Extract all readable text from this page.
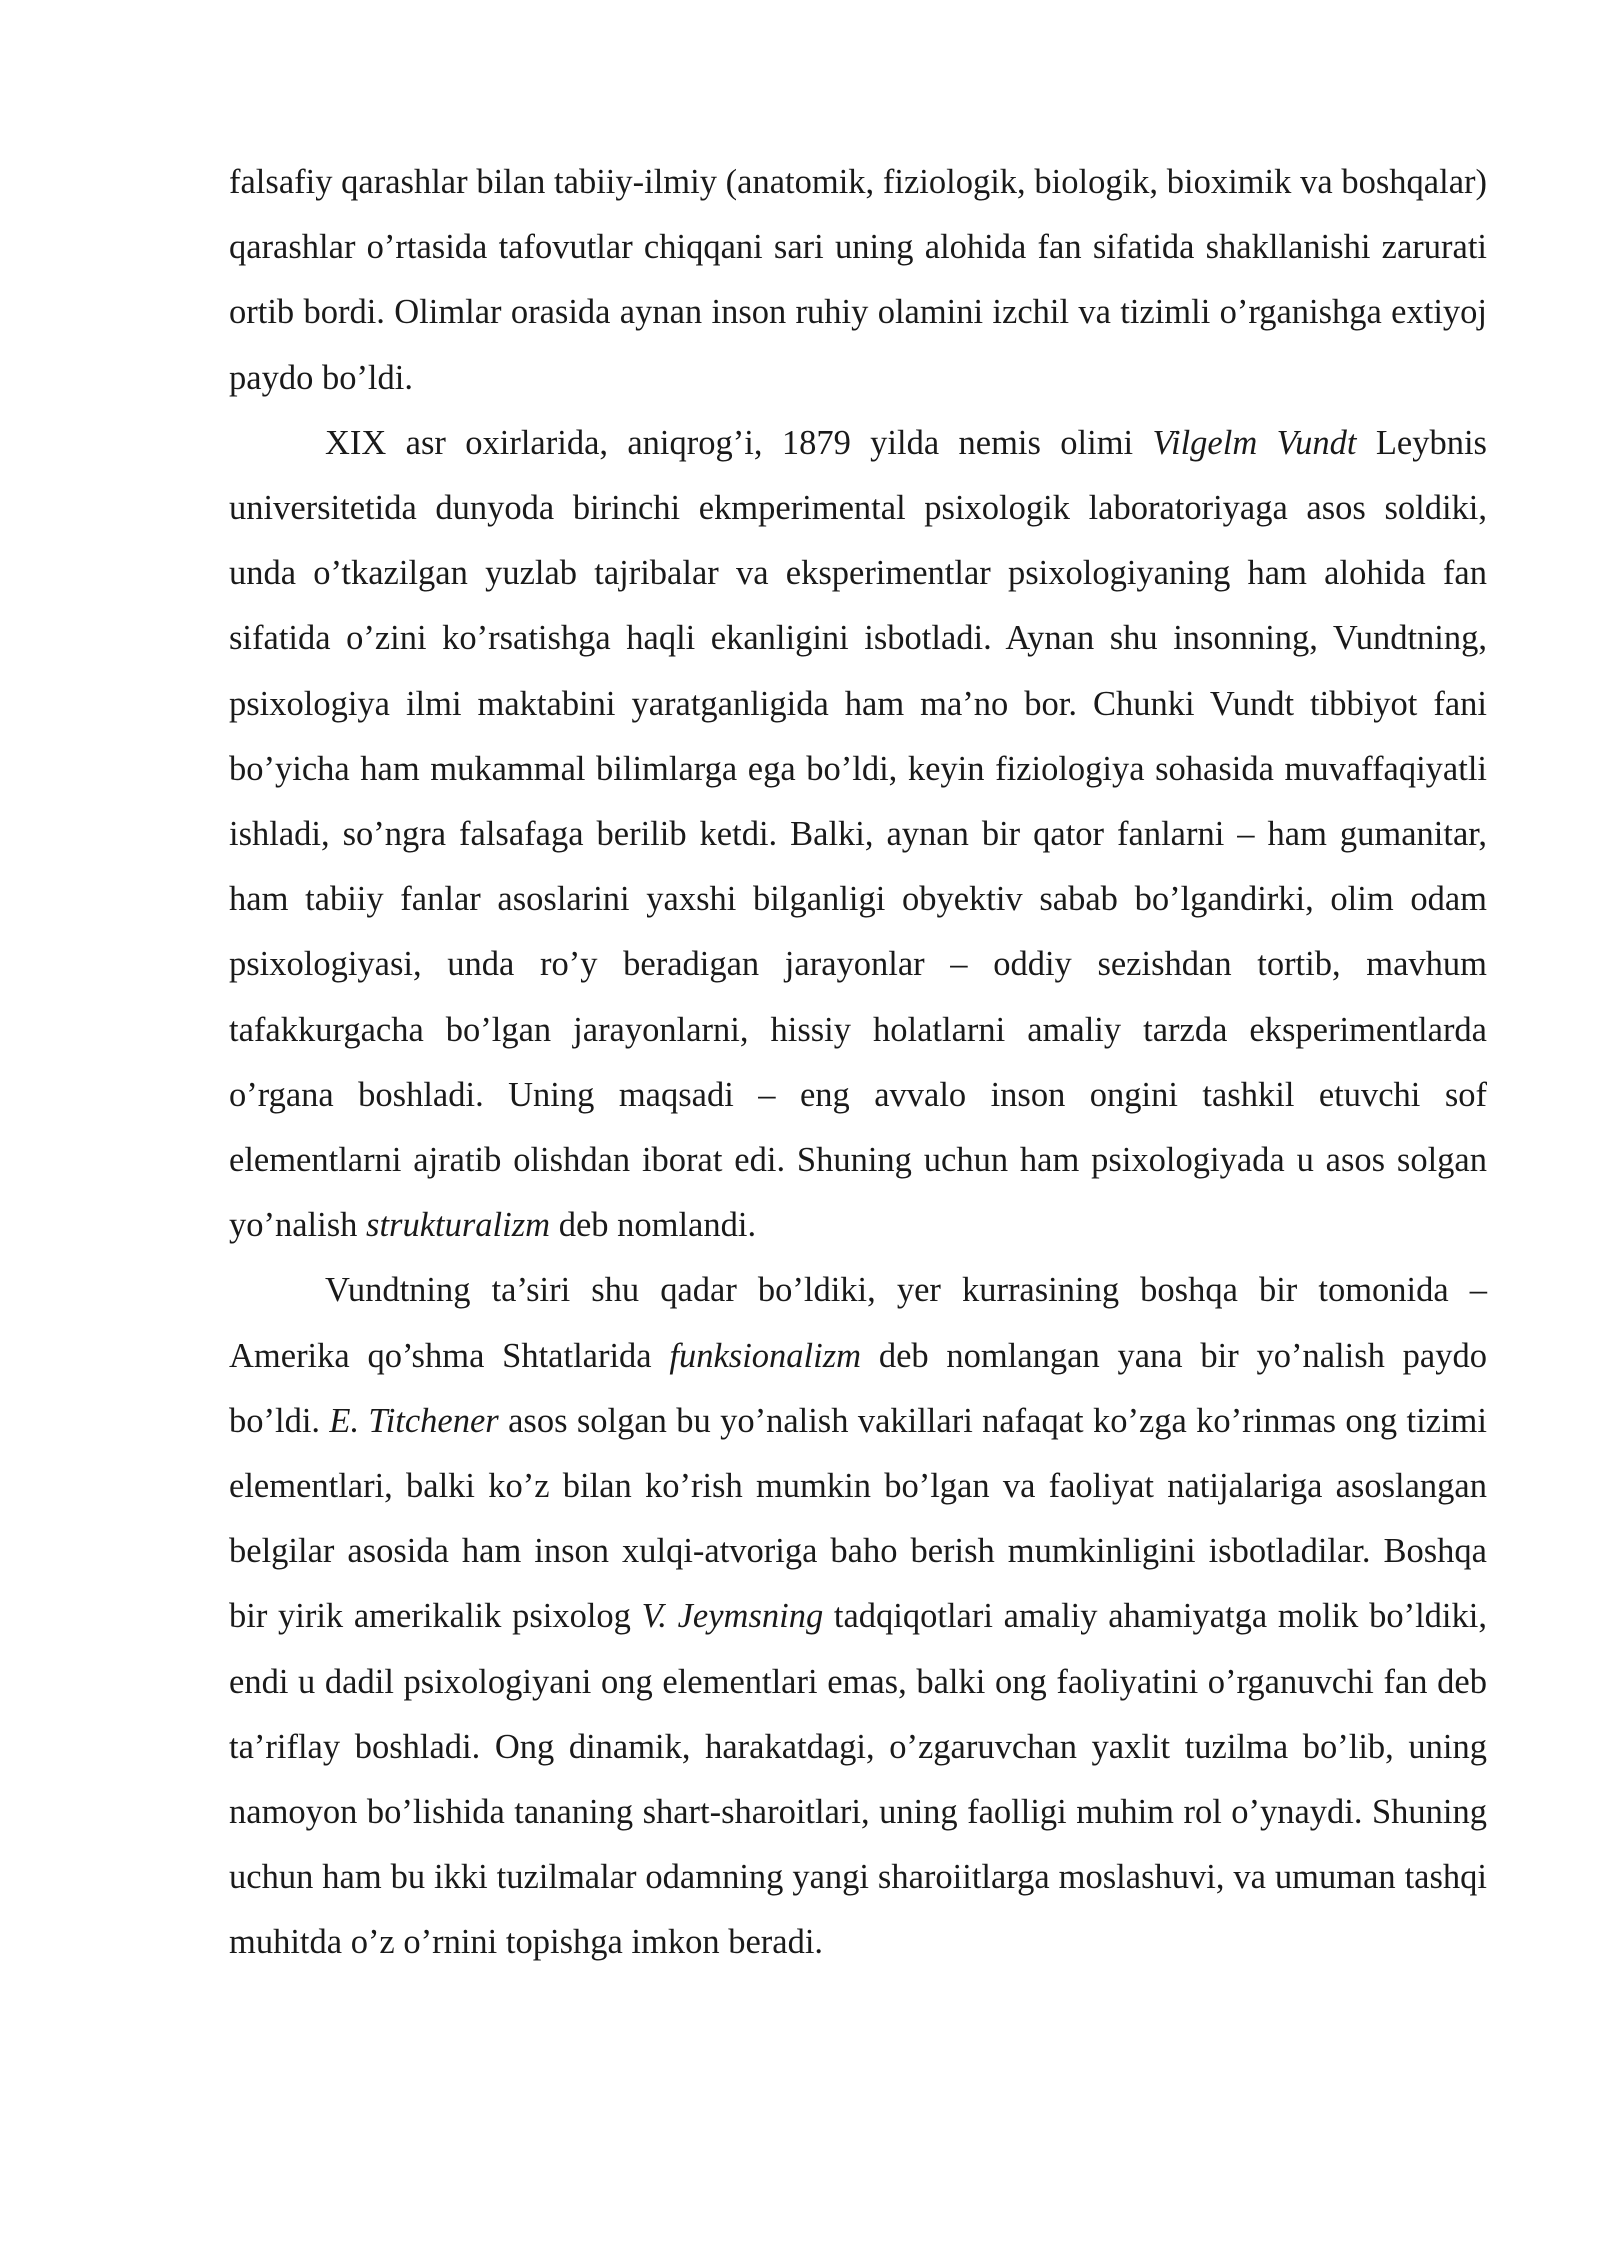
falsafiy qarashlar bilan tabiiy-ilmiy (anatomik, fiziologik, biologik, bioximik va boshqalar) qarashlar o’rtasida tafovutlar chiqqani sari uning alohida fan sifatida shakllanishi zarurati ortib bordi. Olimlar orasida aynan inson ruhiy olamini izchil va tizimli o’rganishga extiyoj paydo bo’ldi.

XIX asr oxirlarida, aniqrog’i, 1879 yilda nemis olimi Vilgelm Vundt Leybnis universitetida dunyoda birinchi ekmperimental psixologik laboratoriyaga asos soldiki, unda o’tkazilgan yuzlab tajribalar va eksperimentlar psixologiyaning ham alohida fan sifatida o’zini ko’rsatishga haqli ekanligini isbotladi. Aynan shu insonning, Vundtning, psixologiya ilmi maktabini yaratganligida ham ma’no bor. Chunki Vundt tibbiyot fani bo’yicha ham mukammal bilimlarga ega bo’ldi, keyin fiziologiya sohasida muvaffaqiyatli ishladi, so’ngra falsafaga berilib ketdi. Balki, aynan bir qator fanlarni – ham gumanitar, ham tabiiy fanlar asoslarini yaxshi bilganligi obyektiv sabab bo’lgandirki, olim odam psixologiyasi, unda ro’y beradigan jarayonlar – oddiy sezishdan tortib, mavhum tafakkurgacha bo’lgan jarayonlarni, hissiy holatlarni amaliy tarzda eksperimentlarda o’rgana boshladi. Uning maqsadi – eng avvalo inson ongini tashkil etuvchi sof elementlarni ajratib olishdan iborat edi. Shuning uchun ham psixologiyada u asos solgan yo’nalish strukturalizm deb nomlandi.

Vundtning ta’siri shu qadar bo’ldiki, yer kurrasining boshqa bir tomonida – Amerika qo’shma Shtatlarida funksionalizm deb nomlangan yana bir yo’nalish paydo bo’ldi. E. Titchener asos solgan bu yo’nalish vakillari nafaqat ko’zga ko’rinmas ong tizimi elementlari, balki ko’z bilan ko’rish mumkin bo’lgan va faoliyat natijalariga asoslangan belgilar asosida ham inson xulqi-atvoriga baho berish mumkinligini isbotladilar. Boshqa bir yirik amerikalik psixolog V. Jeymsning tadqiqotlari amaliy ahamiyatga molik bo’ldiki, endi u dadil psixologiyani ong elementlari emas, balki ong faoliyatini o’rganuvchi fan deb ta’riflay boshladi. Ong dinamik, harakatdagi, o’zgaruvchan yaxlit tuzilma bo’lib, uning namoyon bo’lishida tananing shart-sharoitlari, uning faolligi muhim rol o’ynaydi. Shuning uchun ham bu ikki tuzilmalar odamning yangi sharoiitlarga moslashuvi, va umuman tashqi muhitda o’z o’rnini topishga imkon beradi.
